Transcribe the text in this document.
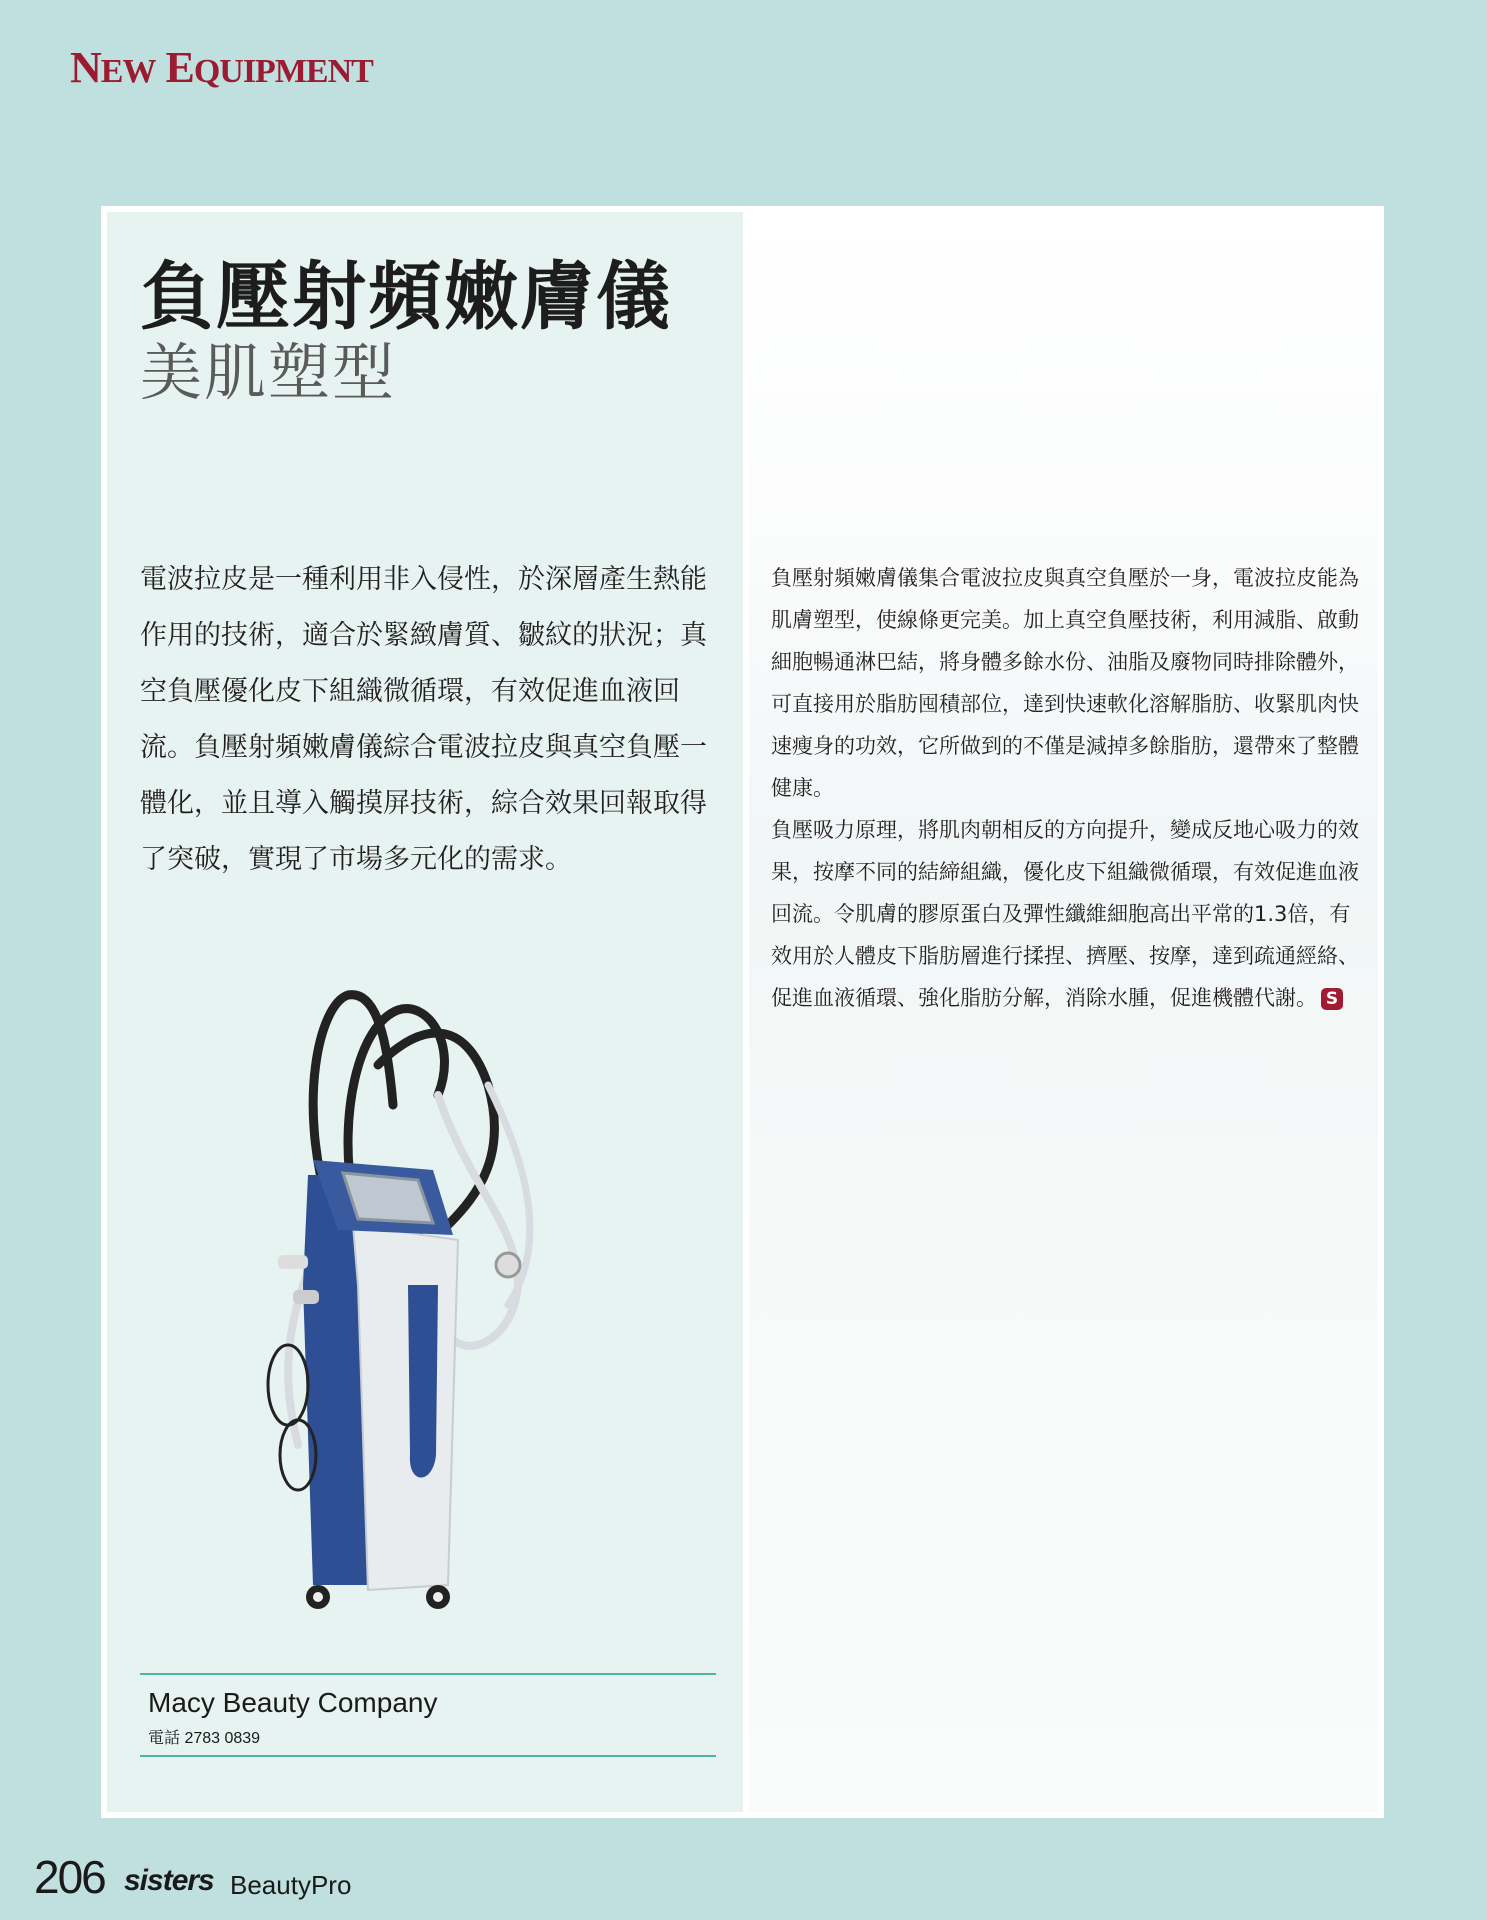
NEW EQUIPMENT
負壓射頻嫩膚儀
美肌塑型

電波拉皮是一種利用非入侵性，於深層產生熱能作用的技術，適合於緊緻膚質、皺紋的狀況；真空負壓優化皮下組織微循環，有效促進血液回流。負壓射頻嫩膚儀綜合電波拉皮與真空負壓一體化，並且導入觸摸屏技術，綜合效果回報取得了突破，實現了市場多元化的需求。

負壓射頻嫩膚儀集合電波拉皮與真空負壓於一身，電波拉皮能為肌膚塑型，使線條更完美。加上真空負壓技術，利用減脂、啟動細胞暢通淋巴結，將身體多餘水份、油脂及廢物同時排除體外，可直接用於脂肪囤積部位，達到快速軟化溶解脂肪、收緊肌肉快速瘦身的功效，它所做到的不僅是減掉多餘脂肪，還帶來了整體健康。

負壓吸力原理，將肌肉朝相反的方向提升，變成反地心吸力的效果，按摩不同的結締組織，優化皮下組織微循環，有效促進血液回流。令肌膚的膠原蛋白及彈性纖維細胞高出平常的1.3倍，有效用於人體皮下脂肪層進行揉捏、擠壓、按摩，達到疏通經絡、促進血液循環、強化脂肪分解，消除水腫，促進機體代謝。 S

Macy Beauty Company

電話 2783 0839

206 sisters BeautyPro
